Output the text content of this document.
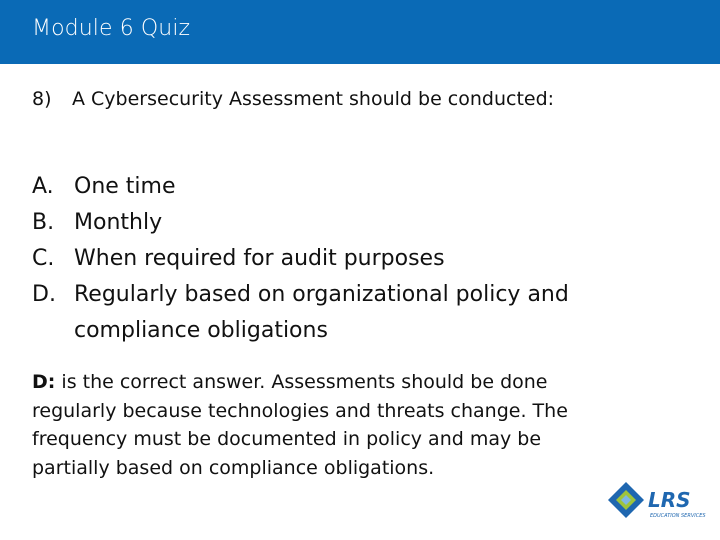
Module 6 Quiz
8) A Cybersecurity Assessment should be conducted:
A. One time
B. Monthly
C. When required for audit purposes
D. Regularly based on organizational policy and
compliance obligations
D: is the correct answer. Assessments should be done regularly because technologies and threats change. The frequency must be documented in policy and may be partially based on compliance obligations.
LRS
EDUCATION SERVICES
